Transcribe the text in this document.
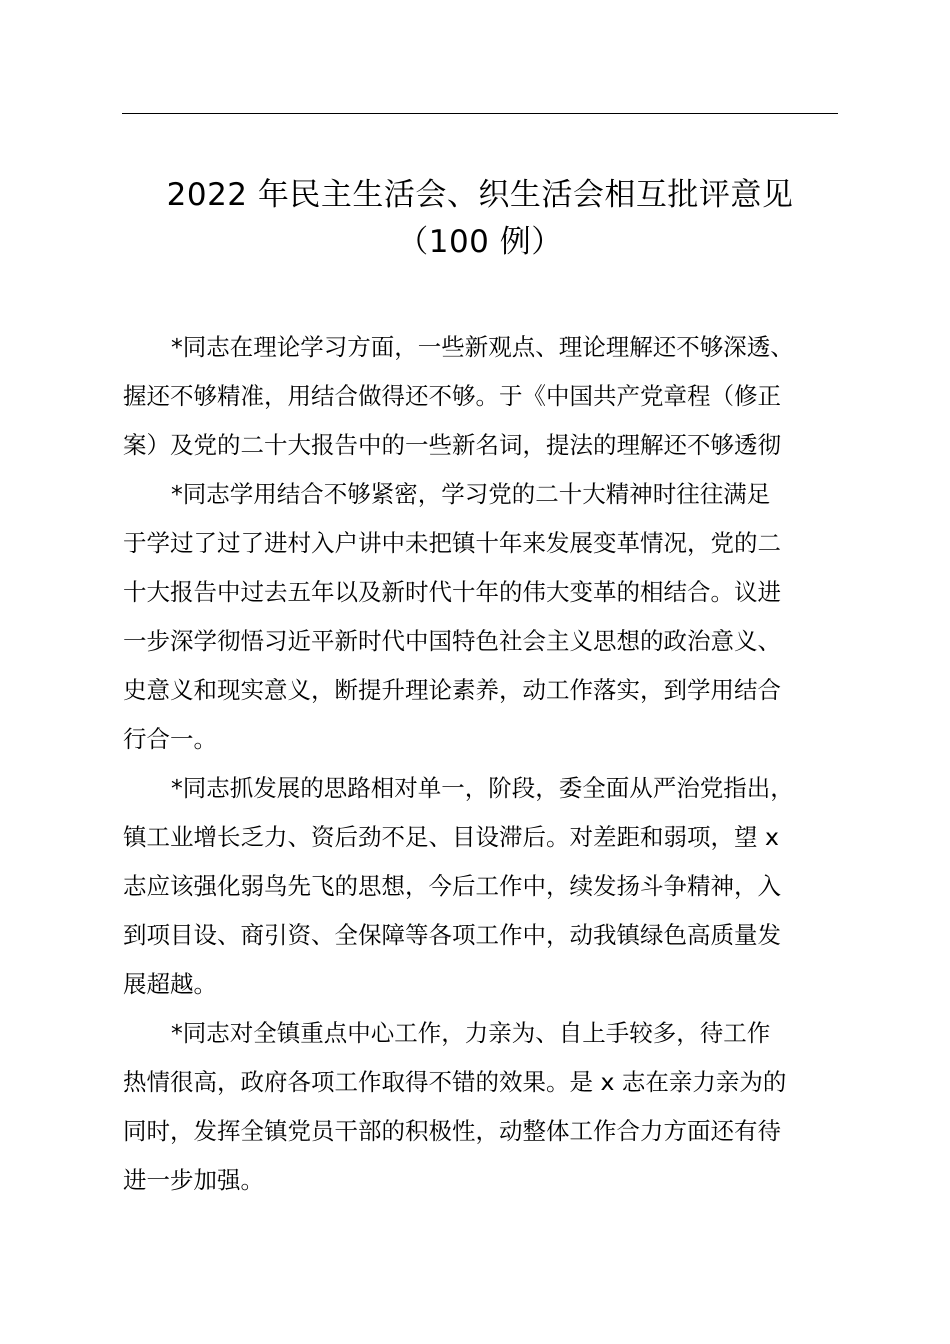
2022 年民主生活会、织生活会相互批评意见
（100 例）

*同志在理论学习方面，一些新观点、理论理解还不够深透、
握还不够精准，用结合做得还不够。于《中国共产党章程（修正
案）及党的二十大报告中的一些新名词，提法的理解还不够透彻

*同志学用结合不够紧密，学习党的二十大精神时往往满足
于学过了过了进村入户讲中未把镇十年来发展变革情况，党的二
十大报告中过去五年以及新时代十年的伟大变革的相结合。议进
一步深学彻悟习近平新时代中国特色社会主义思想的政治意义、
史意义和现实意义，断提升理论素养，动工作落实，到学用结合
行合一。

*同志抓发展的思路相对单一，阶段，委全面从严治党指出，
镇工业增长乏力、资后劲不足、目设滞后。对差距和弱项，望 x
志应该强化弱鸟先飞的思想，今后工作中，续发扬斗争精神，入
到项目设、商引资、全保障等各项工作中，动我镇绿色高质量发
展超越。

*同志对全镇重点中心工作，力亲为、自上手较多，待工作
热情很高，政府各项工作取得不错的效果。是 x 志在亲力亲为的
同时，发挥全镇党员干部的积极性，动整体工作合力方面还有待
进一步加强。
